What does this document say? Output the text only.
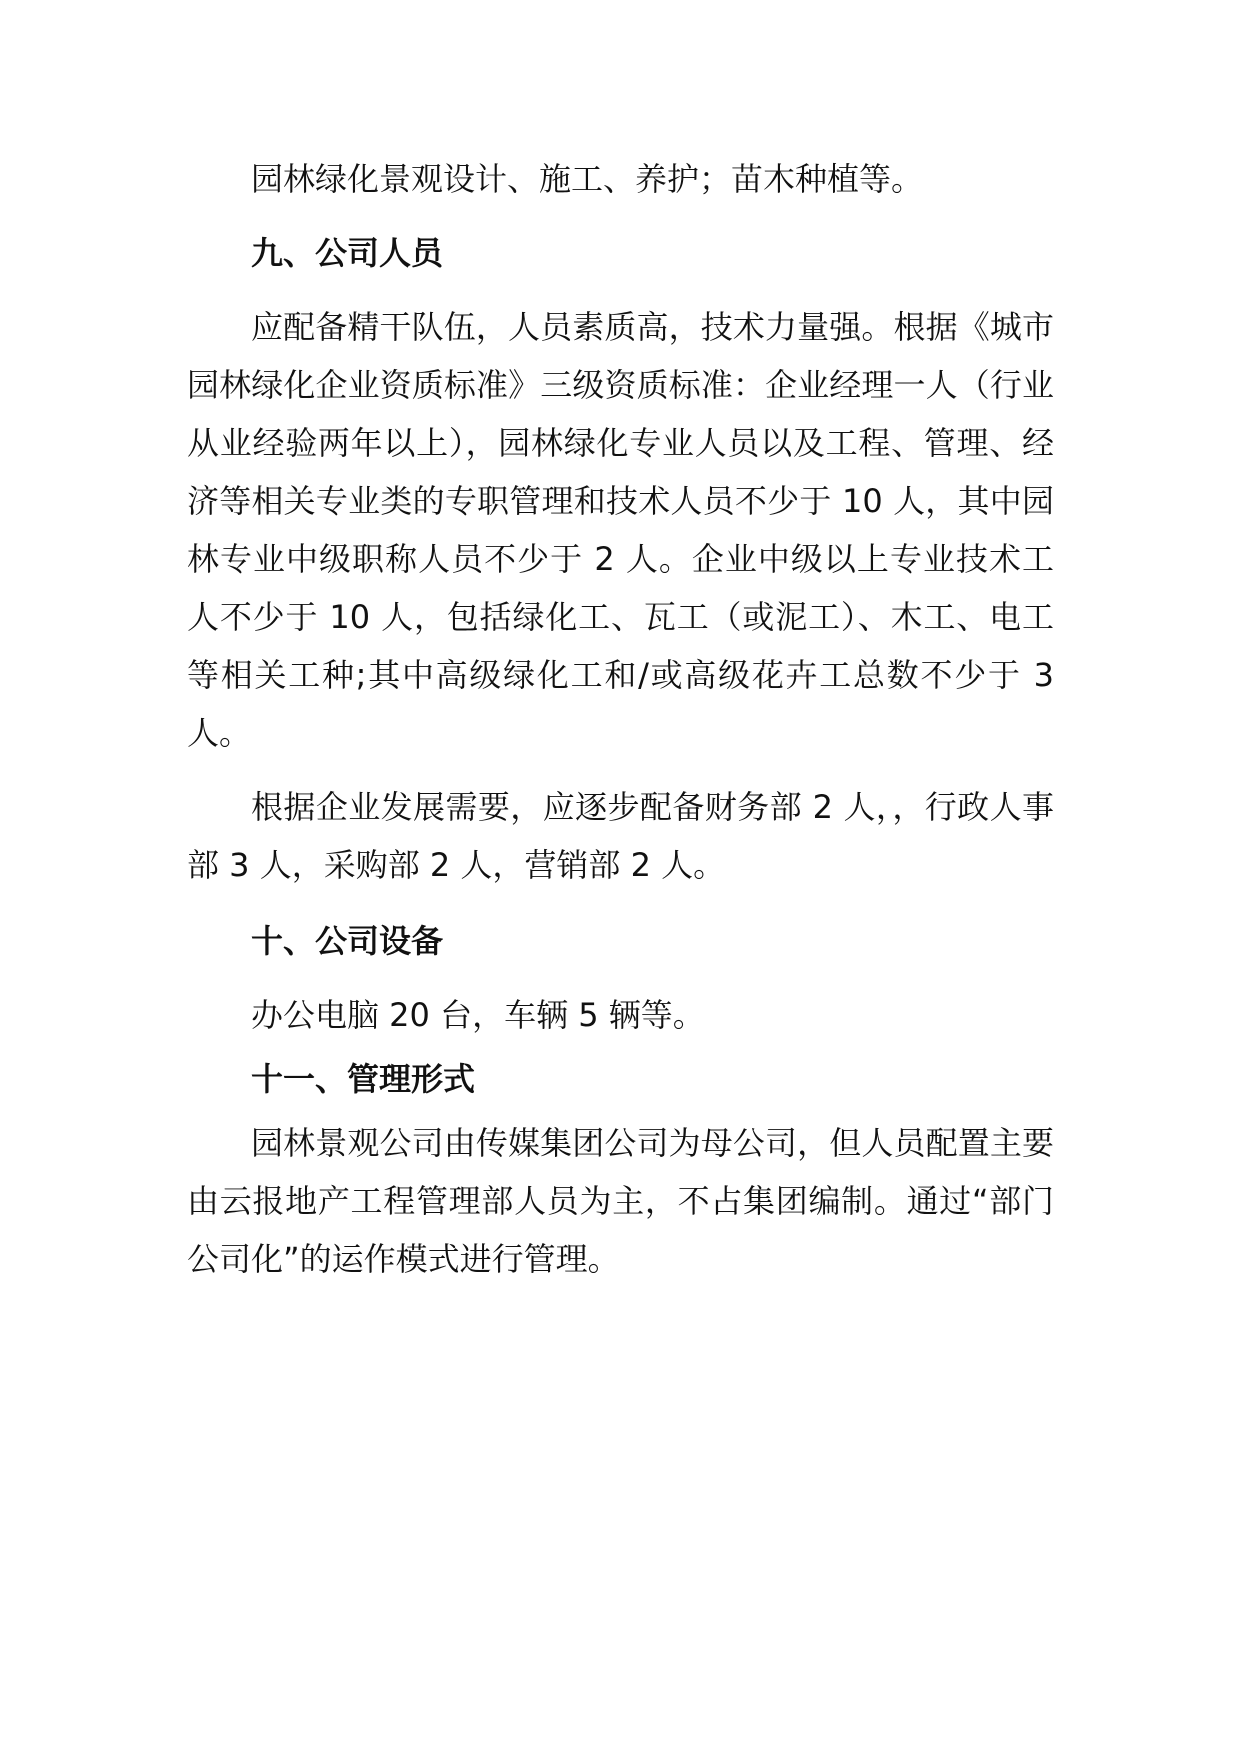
园林绿化景观设计、施工、养护；苗木种植等。

九、公司人员

应配备精干队伍，人员素质高，技术力量强。根据《城市园林绿化企业资质标准》三级资质标准：企业经理一人（行业从业经验两年以上），园林绿化专业人员以及工程、管理、经济等相关专业类的专职管理和技术人员不少于 10 人，其中园林专业中级职称人员不少于 2 人。企业中级以上专业技术工人不少于 10 人，包括绿化工、瓦工（或泥工）、木工、电工等相关工种;其中高级绿化工和/或高级花卉工总数不少于 3 人。

根据企业发展需要，应逐步配备财务部 2 人，，行政人事部 3 人，采购部 2 人，营销部 2 人。

十、公司设备

办公电脑 20 台，车辆 5 辆等。

十一、管理形式

园林景观公司由传媒集团公司为母公司，但人员配置主要由云报地产工程管理部人员为主，不占集团编制。通过“部门公司化”的运作模式进行管理。
